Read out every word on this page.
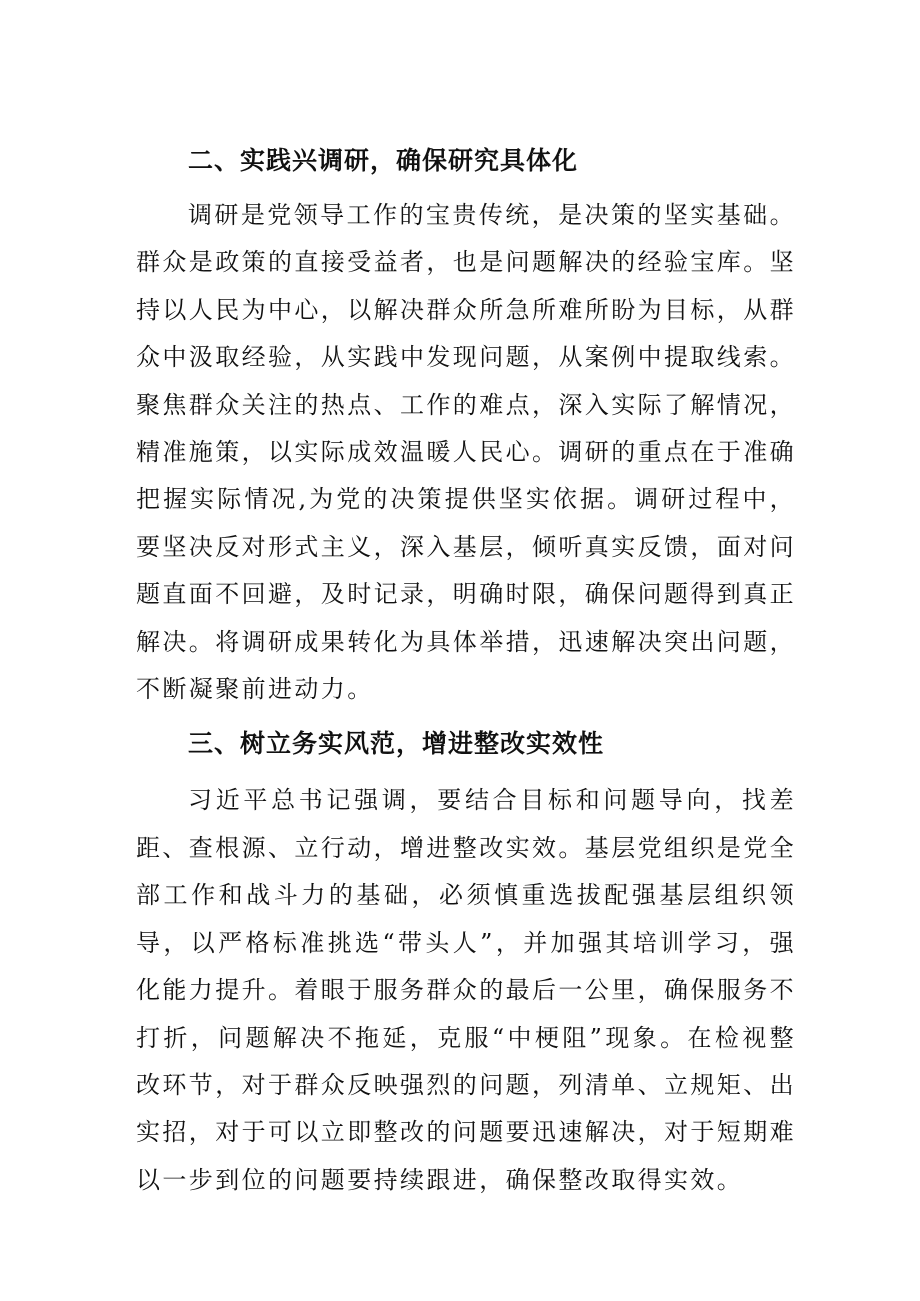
二、实践兴调研，确保研究具体化

调研是党领导工作的宝贵传统，是决策的坚实基础。群众是政策的直接受益者，也是问题解决的经验宝库。坚持以人民为中心，以解决群众所急所难所盼为目标，从群众中汲取经验，从实践中发现问题，从案例中提取线索。聚焦群众关注的热点、工作的难点，深入实际了解情况，精准施策，以实际成效温暖人民心。调研的重点在于准确把握实际情况,为党的决策提供坚实依据。调研过程中，要坚决反对形式主义，深入基层，倾听真实反馈，面对问题直面不回避，及时记录，明确时限，确保问题得到真正解决。将调研成果转化为具体举措，迅速解决突出问题，不断凝聚前进动力。

三、树立务实风范，增进整改实效性

习近平总书记强调，要结合目标和问题导向，找差距、查根源、立行动，增进整改实效。基层党组织是党全部工作和战斗力的基础，必须慎重选拔配强基层组织领导，以严格标准挑选“带头人”，并加强其培训学习，强化能力提升。着眼于服务群众的最后一公里，确保服务不打折，问题解决不拖延，克服“中梗阻”现象。在检视整改环节，对于群众反映强烈的问题，列清单、立规矩、出实招，对于可以立即整改的问题要迅速解决，对于短期难以一步到位的问题要持续跟进，确保整改取得实效。
